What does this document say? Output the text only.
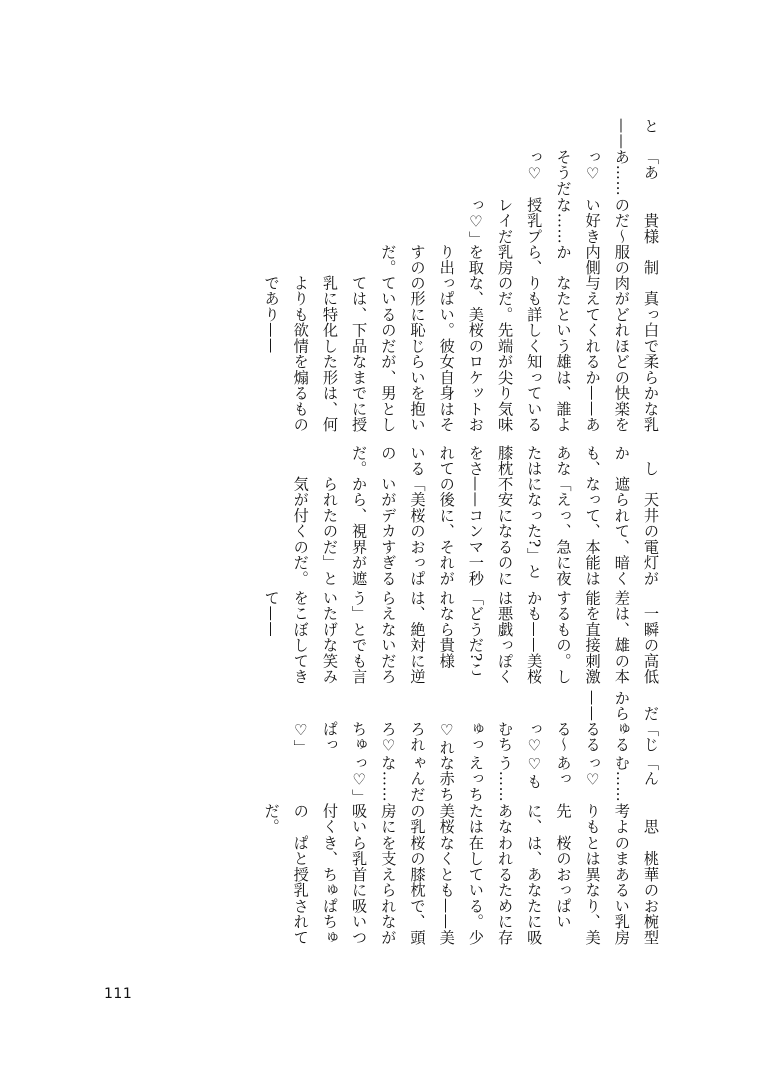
と——

「ああ……っ♡そうだっ♡

　貴様のだ～い好きな……授乳プレイだっ♡」

　制服の内側から、乳房を取り出すのだ。

　真っ白で柔らかな乳肉がどれほどの快楽を与えてくれるか——あなたという雄は、誰よりも詳しく知っているのだ。先端が尖り気味な、美桜のロケットおっぱい。彼女自身はその形に恥じらいを抱いているのだが、男としては、下品なまでに授乳に特化した形は、何よりも欲情を煽るものであり——

　しかも、あなたは膝枕をされているのだ。

　天井の電灯が遮られて、暗くなって、本能は「えっ、急に夜になった?」と不安になるのに——コンマ一秒の後に、それが「美桜のおっぱいがデカすぎるから、視界が遮られたのだ」と気が付くのだ。

　一瞬の高低差は、雄の本能を直接刺激するもの。しかも——美桜は悪戯っぽく「どうだ?これなら貴様は、絶対に逆らえないだろう」とでも言いたげな笑みをこぼしてきて——

　だから——

「じゅるるるる～っ♡むちゅっ♡れろれろ♡ちゅぱっ♡」

「んむ……っ♡あっ♡もう……えっちな赤ちゃんだな……っ♡」

　思考よりも先に、あなたは美桜の乳房に吸い付くのだ。

　桃華のお椀型のまあるい乳房とは異なり、美桜のおっぱいは、あなたに吸われるために存在している。少なくとも——美桜の膝枕で、頭を支えられながら乳首に吸いつき、ちゅぱちゅぱと授乳されて

111
